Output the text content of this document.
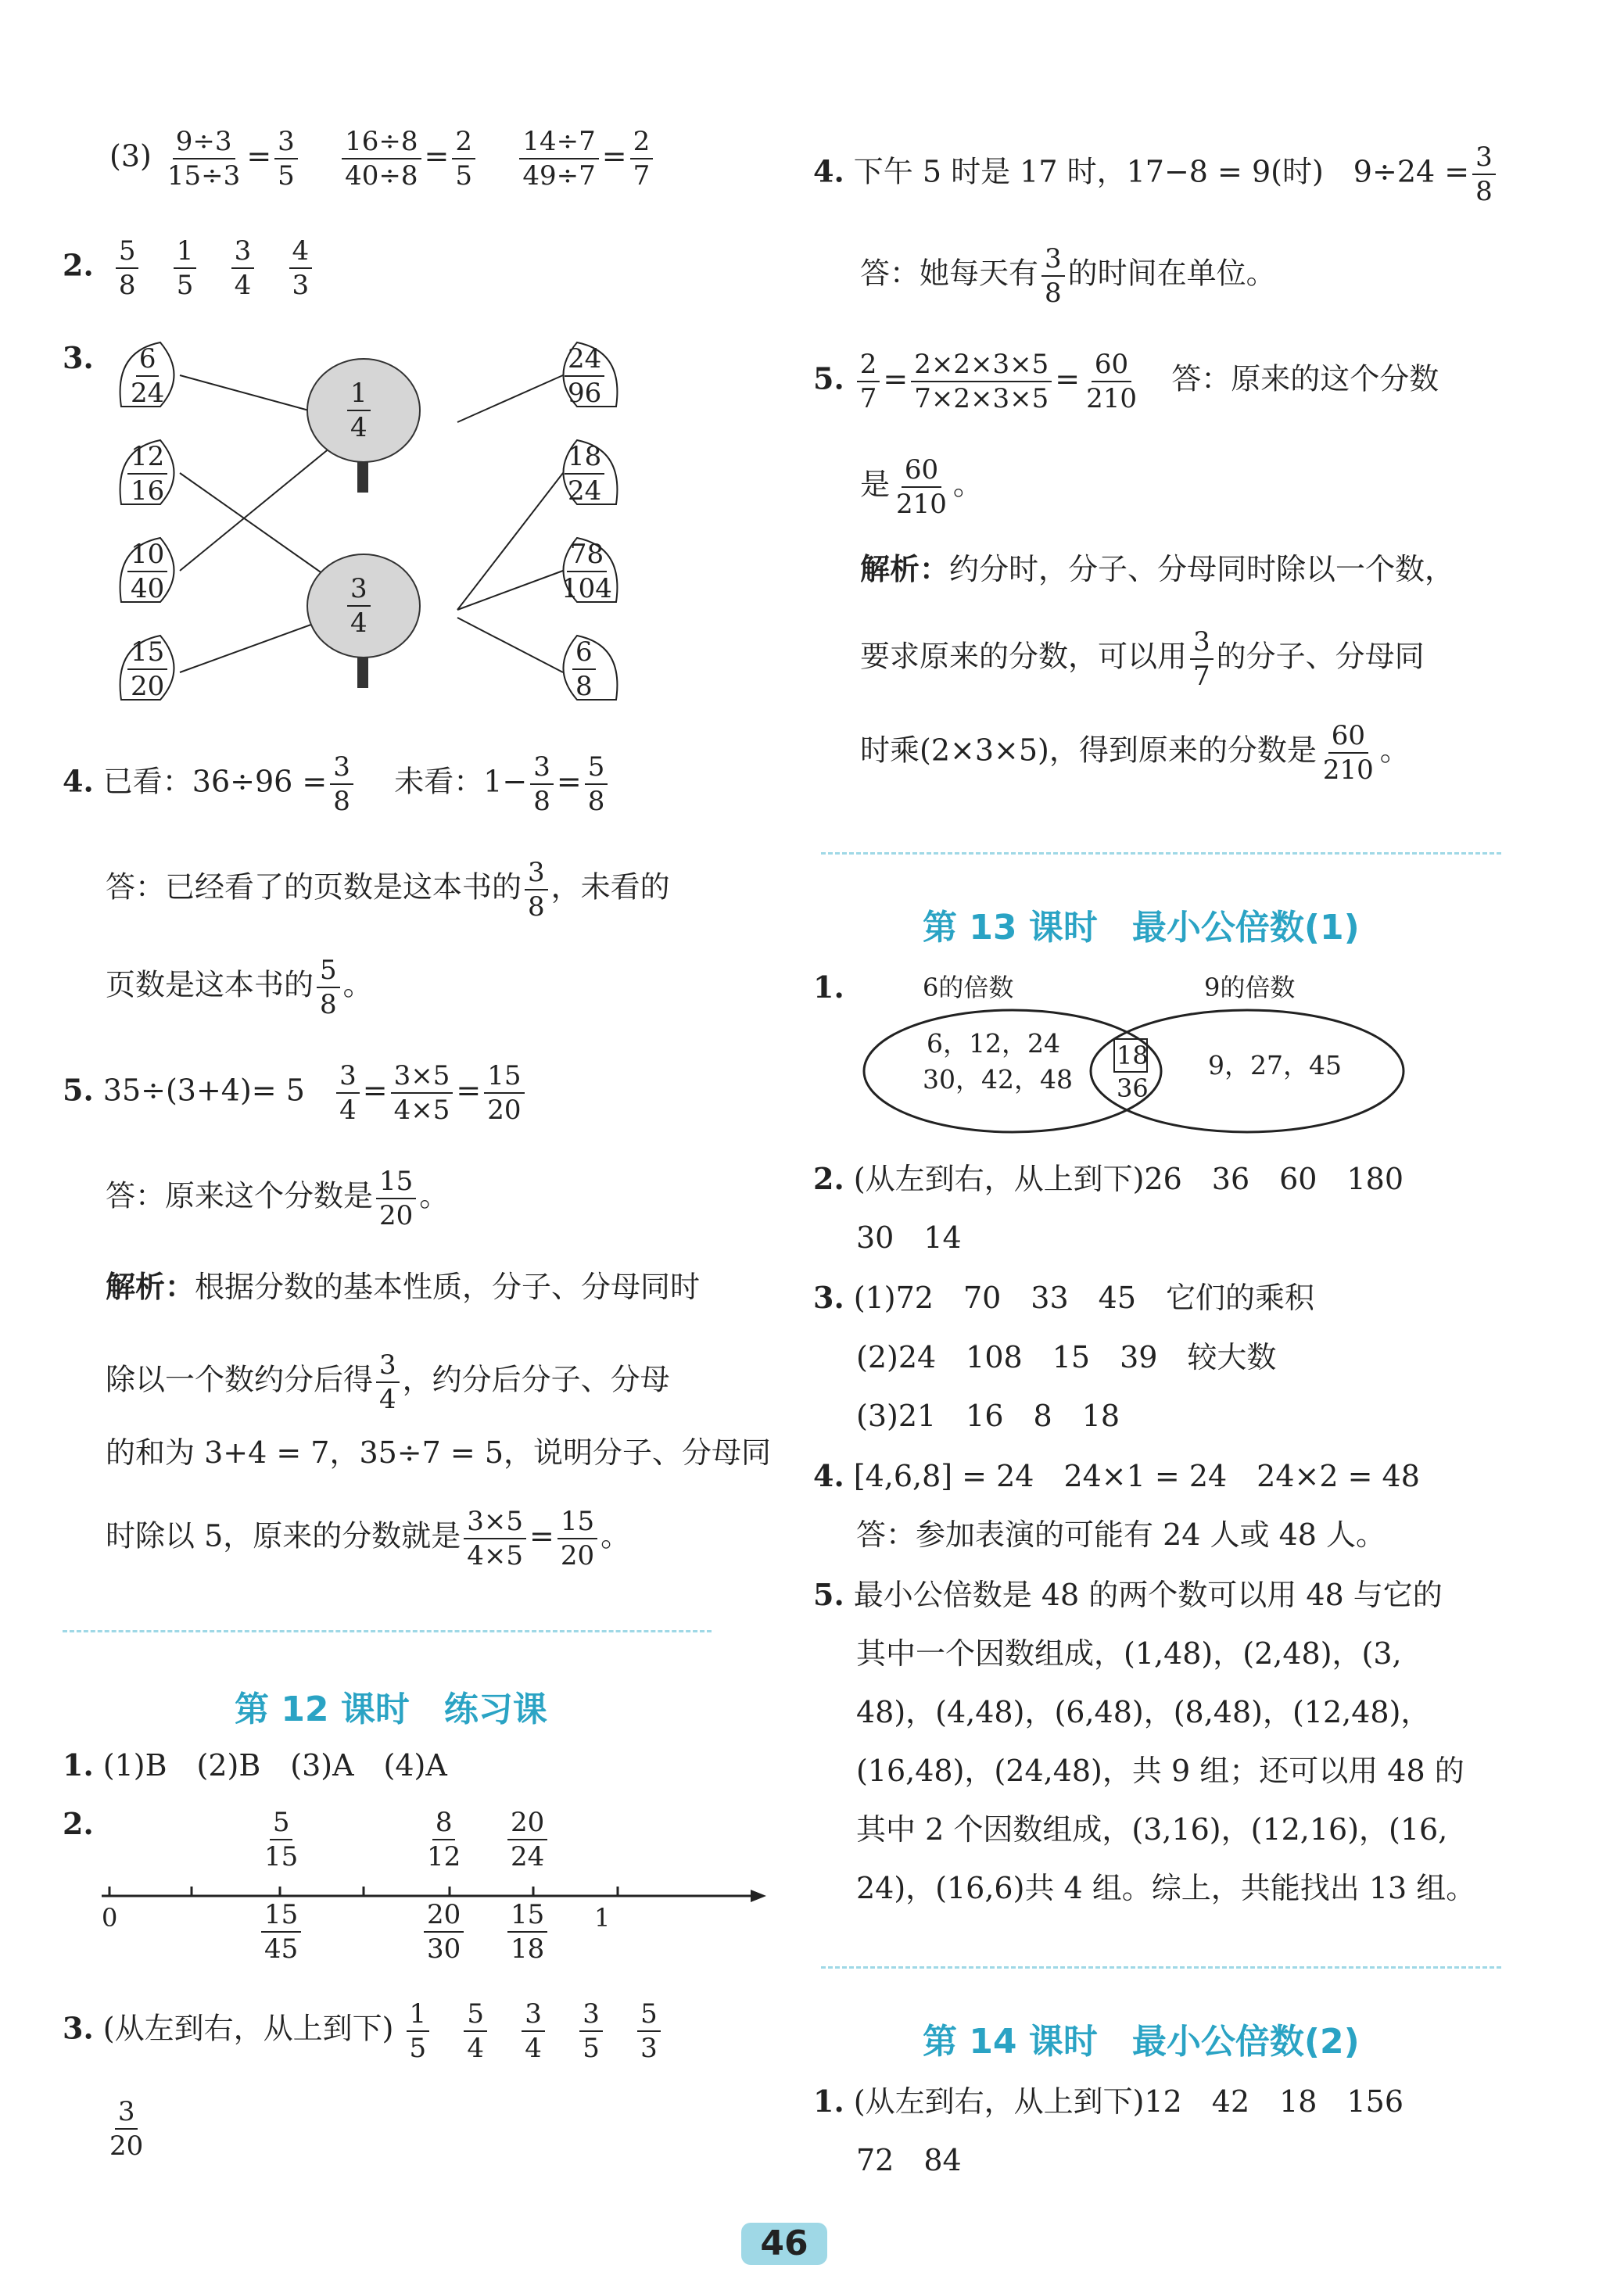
$(3) \frac{9\div 3}{15\div 3} = \frac{3}{5}$
$\frac{16\div 8}{40\div 8} = \frac{2}{5}$
$\frac{14\div 7}{49\div 7} = \frac{2}{7}$
2. $\frac{5}{8}$
$\frac{1}{5}$
$\frac{3}{4}$
$\frac{4}{3}$
3.
1
4
3
4
6
24
12
16
10
40
15
20
24
96
18
24
78
104
6
8
4. 已看：$36\div 96 = \frac{3}{8}$ 未看：$1- \frac{3}{8} = \frac{5}{8}$
答：已经看了的页数是这本书的 $\frac{3}{8}$ ，未看的
页数是这本书的 $\frac{5}{8}$ 。
5. $35\div(3+4)= 5 \frac{3}{4} = \frac{3\times 5}{4\times 5} = \frac{15}{20}$
答：原来这个分数是 $\frac{15}{20}$ 。
解析：根据分数的基本性质，分子、分母同时
除以一个数约分后得 $\frac{3}{4}$ ，约分后分子、分母
的和为 3+4 = 7，35÷7 = 5，说明分子、分母同
时除以 5，原来的分数就是 $\frac{3\times 5}{4\times 5} = \frac{15}{20}$ 。
第 12 课时　练习课
1. (1)B　(2)B　(3)A　(4)A
2.	5
15
8
12
20
24
0	15
45
20
30
15
18
1
3. (从左到右，从上到下) $\frac{1}{5}$
$\frac{5}{4}$
$\frac{3}{4}$
$\frac{3}{5}$
$\frac{5}{3}$
3
20
4. 下午 5 时是 17 时，17−8 = 9(时)　$9\div 24 = \frac{3}{8}$
答：她每天有 $\frac{3}{8}$ 的时间在单位。
5. $\frac{2}{7} = \frac{2\times 2\times 3\times 5}{7\times 2\times 3\times 5} = \frac{60}{210}$ 答：原来的这个分数
是 $\frac{60}{210}$ 。
解析：约分时，分子、分母同时除以一个数，
要求原来的分数，可以用 $\frac{3}{7}$ 的分子、分母同
时乘(2×3×5)，得到原来的分数是 $\frac{60}{210}$ 。
第 13 课时　最小公倍数(1)
1.	6的倍数	9的倍数
6，12，24
30，42，48
18
36
9，27，45
2. (从左到右，从上到下)26　36　60　180
30　14
3. (1)72　70　33　45　它们的乘积
(2)24　108　15　39　较大数
(3)21　16　8　18
4. [4,6,8] = 24　24×1 = 24　24×2 = 48
答：参加表演的可能有 24 人或 48 人。
5. 最小公倍数是 48 的两个数可以用 48 与它的
其中一个因数组成，(1,48)，(2,48)，(3,
48)，(4,48)，(6,48)，(8,48)，(12,48)，
(16,48)，(24,48)，共 9 组；还可以用 48 的
其中 2 个因数组成，(3,16)，(12,16)，(16,
24)，(16,6)共 4 组。综上，共能找出 13 组。
第 14 课时　最小公倍数(2)
1. (从左到右，从上到下)12　42　18　156
72　84
46
